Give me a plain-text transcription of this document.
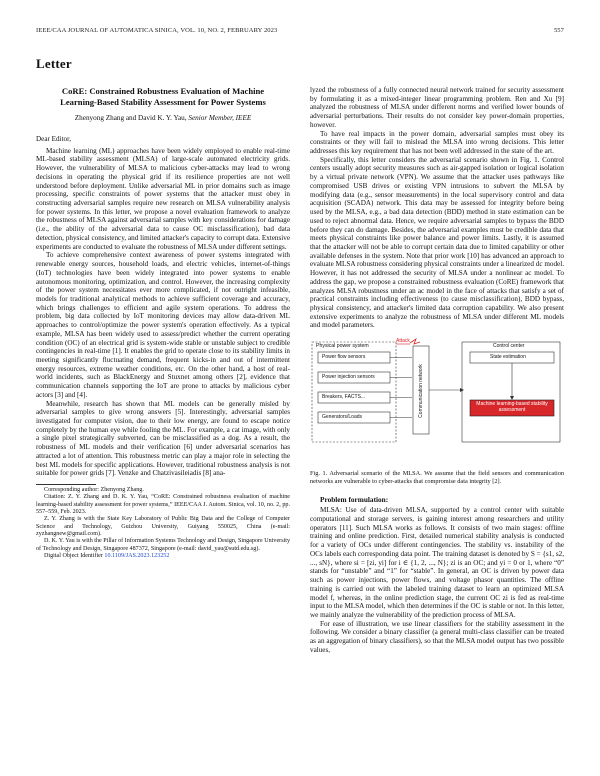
IEEE/CAA JOURNAL OF AUTOMATICA SINICA, VOL. 10, NO. 2, FEBRUARY 2023	557
Letter
CoRE: Constrained Robustness Evaluation of Machine
Learning-Based Stability Assessment for Power Systems
Zhenyong Zhang and David K. Y. Yau, Senior Member, IEEE
Dear Editor,

Machine learning (ML) approaches have been widely employed to enable real-time ML-based stability assessment (MLSA) of large-scale automated electricity grids. However, the vulnerability of MLSA to malicious cyber-attacks may lead to wrong decisions in operating the physical grid if its resilience properties are not well understood before deployment. Unlike adversarial ML in prior domains such as image processing, specific constraints of power systems that the attacker must obey in constructing adversarial samples require new research on MLSA vulnerability analysis for power systems. In this letter, we propose a novel evaluation framework to analyze the robustness of MLSA against adversarial samples with key considerations for damage (i.e., the ability of the adversarial data to cause OC misclassification), bad data detection, physical consistency, and limited attacker's capacity to corrupt data. Extensive experiments are conducted to evaluate the robustness of MLSA under different settings.

To achieve comprehensive context awareness of power systems integrated with renewable energy sources, household loads, and electric vehicles, internet-of-things (IoT) technologies have been widely integrated into power systems to enable autonomous monitoring, optimization, and control. However, the increasing complexity of the power system necessitates ever more complicated, if not outright infeasible, models for traditional analytical methods to achieve sufficient coverage and accuracy, which brings challenges to efficient and agile system operations. To address the problem, big data collected by IoT monitoring devices may allow data-driven ML approaches to control/optimize the power system's operation effectively. As a typical example, MLSA has been widely used to assess/predict whether the current operating condition (OC) of an electrical grid is system-wide stable or unstable subject to credible contingencies in real-time [1]. It enables the grid to operate close to its stability limits in meeting significantly fluctuating demand, frequent kicks-in and out of intermittent energy resources, extreme weather conditions, etc. On the other hand, a host of real-world incidents, such as BlackEnergy and Stuxnet among others [2], evidence that communication channels supporting the IoT are prone to attacks by malicious cyber actors [3] and [4].

Meanwhile, research has shown that ML models can be generally misled by adversarial samples to give wrong answers [5]. Interestingly, adversarial samples investigated for computer vision, due to their low energy, are found to escape notice completely by the human eye while fooling the ML. For example, a cat image, with only a single pixel strategically subverted, can be misclassified as a dog. As a result, the robustness of ML models and their verification [6] under adversarial scenarios has attracted a lot of attention. This robustness metric can play a major role in selecting the best ML models for specific applications. However, traditional robustness analysis is not suitable for power grids [7]. Venzke and Chatzivasileiadis [8] ana-

Corresponding author: Zhenyong Zhang.

Citation: Z. Y. Zhang and D. K. Y. Yau, “CoRE: Constrained robustness evaluation of machine learning-based stability assessment for power systems,” IEEE/CAA J. Autom. Sinica, vol. 10, no. 2, pp. 557–559, Feb. 2023.

Z. Y. Zhang is with the State Key Laboratory of Public Big Data and the College of Computer Science and Technology, Guizhou University, Guiyang 550025, China (e-mail: zyzhangnew@gmail.com).

D. K. Y. Yau is with the Pillar of Information Systems Technology and Design, Singapore University of Technology and Design, Singapore 487372, Singapore (e-mail: david_yau@sutd.edu.sg).

Digital Object Identifier 10.1109/JAS.2023.123252

lyzed the robustness of a fully connected neural network trained for security assessment by formulating it as a mixed-integer linear programming problem. Ren and Xu [9] analyzed the robustness of MLSA under different norms and verified lower bounds of adversarial perturbations. Their results do not consider key power-domain properties, however.

To have real impacts in the power domain, adversarial samples must obey its constraints or they will fail to mislead the MLSA into wrong decisions. This letter addresses this key requirement that has not been well addressed in the state of the art.

Specifically, this letter considers the adversarial scenario shown in Fig. 1. Control centers usually adopt security measures such as air-gapped isolation or logical isolation by a virtual private network (VPN). We assume that the attacker uses pathways like compromised USB drives or existing VPN intrusions to subvert the MLSA by modifying data (e.g., sensor measurements) in the local supervisory control and data acquisition (SCADA) network. This data may be assessed for integrity before being used by the MLSA, e.g., a bad data detection (BDD) method in state estimation can be used to reject abnormal data. Hence, we require adversarial samples to bypass the BDD before they can do damage. Besides, the adversarial examples must be credible data that meets physical constraints like power balance and power limits. Lastly, it is assumed that the attacker will not be able to corrupt certain data due to limited capability or other available defenses in the system. Note that prior work [10] has advanced an approach to evaluate MLSA robustness considering physical constraints under a linearized dc model. However, it has not addressed the security of MLSA under a nonlinear ac model. To address the gap, we propose a constrained robustness evaluation (CoRE) framework that analyzes MLSA robustness under an ac model in the face of attacks that satisfy a set of practical constraints including effectiveness (to cause misclassification), BDD bypass, physical consistency, and attacker's limited data corruption capability. We also present extensive experiments to analyze the robustness of MLSA under different ML models and model parameters.

Physical power system
Attack
Control center
Power flow sensors
Power injection sensors
Breakers, FACTS...
Generators/Loads	Communication network
State estimation
Machine learning-based stability assessment

Fig. 1. Adversarial scenario of the MLSA. We assume that the field sensors and communication networks are vulnerable to cyber-attacks that compromise data integrity [2].

Problem formulation:

MLSA: Use of data-driven MLSA, supported by a control center with suitable computational and storage servers, is gaining interest among researchers and utility operators [11]. Such MLSA works as follows. It consists of two main stages: offline training and online prediction. First, detailed numerical stability analysis is conducted for a variety of OCs under different contingencies. The stability vs. instability of the OCs labels each corresponding data point. The training dataset is denoted by S = {s1, s2, ..., sN}, where si = [zi, yi] for i ∈ {1, 2, ..., N}; zi is an OC; and yi = 0 or 1, where “0” stands for “unstable” and “1” for “stable”. In general, an OC is driven by power data such as power injections, power flows, and voltage phasor quantities. The offline training is carried out with the labeled training dataset to learn an optimized MLSA model f, whereas, in the online prediction stage, the current OC zi is fed as real-time input to the MLSA model, which then determines if the OC is stable or not. In this letter, we mainly analyze the vulnerability of the prediction process of MLSA.

For ease of illustration, we use linear classifiers for the stability assessment in the following. We consider a binary classifier (a general multi-class classifier can be treated as an aggregation of binary classifiers), so that the MLSA model output has two possible values,
